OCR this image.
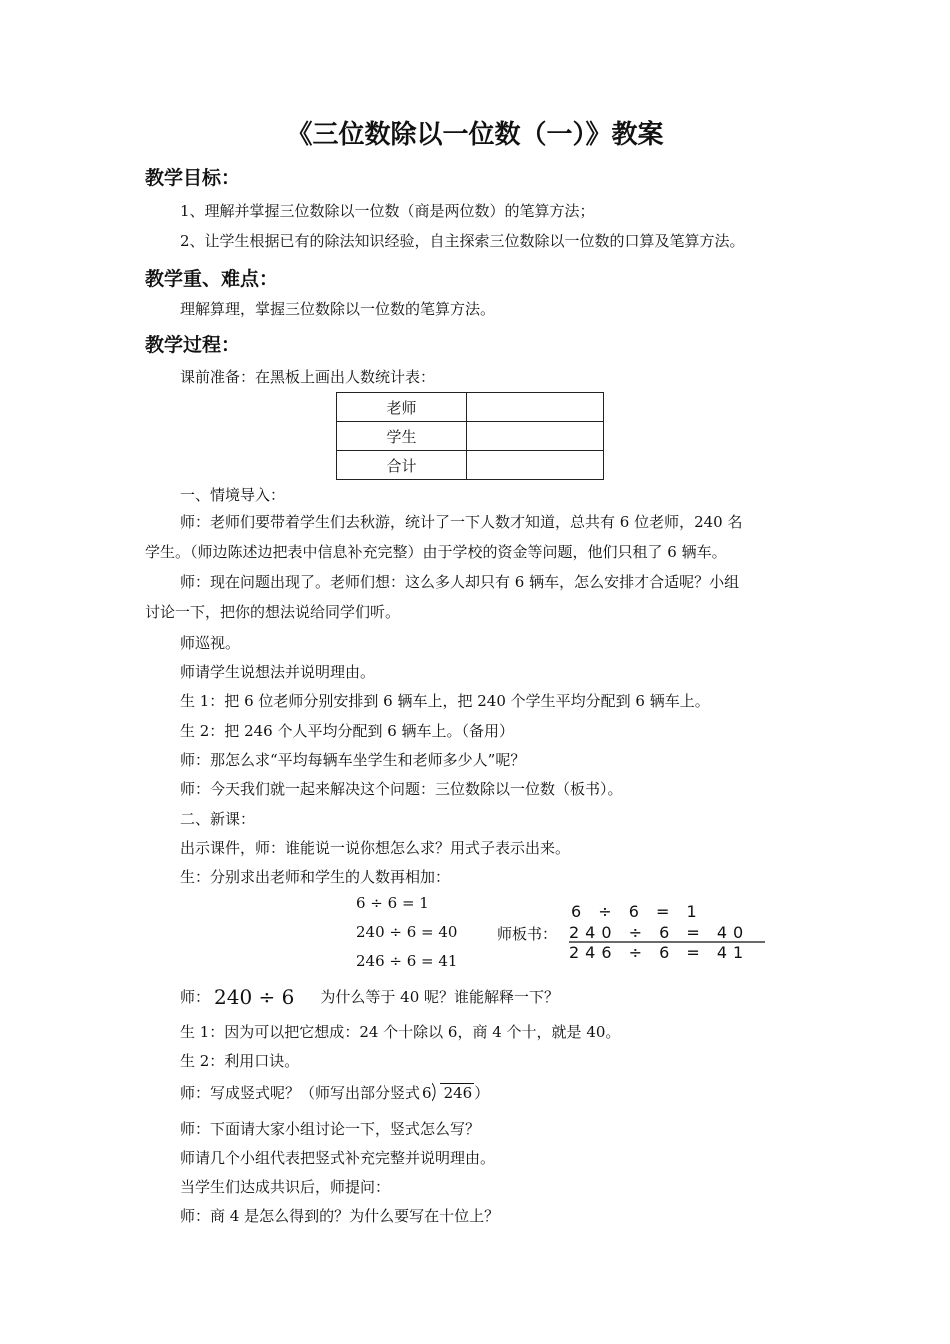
《三位数除以一位数（一）》教案
教学目标：
1、理解并掌握三位数除以一位数（商是两位数）的笔算方法；
2、让学生根据已有的除法知识经验，自主探索三位数除以一位数的口算及笔算方法。
教学重、难点：
理解算理，掌握三位数除以一位数的笔算方法。
教学过程：
课前准备：在黑板上画出人数统计表：
老师	
学生	
合计	
一、情境导入：
师：老师们要带着学生们去秋游，统计了一下人数才知道，总共有 6 位老师，240 名
学生。（师边陈述边把表中信息补充完整）由于学校的资金等问题，他们只租了 6 辆车。
师：现在问题出现了。老师们想：这么多人却只有 6 辆车，怎么安排才合适呢？小组
讨论一下，把你的想法说给同学们听。
师巡视。
师请学生说想法并说明理由。
生 1：把 6 位老师分别安排到 6 辆车上，把 240 个学生平均分配到 6 辆车上。
生 2：把 246 个人平均分配到 6 辆车上。（备用）
师：那怎么求“平均每辆车坐学生和老师多少人”呢？
师：今天我们就一起来解决这个问题：三位数除以一位数（板书）。
二、新课：
出示课件，师：谁能说一说你想怎么求？用式子表示出来。
生：分别求出老师和学生的人数再相加：
6 ÷ 6 = 1
240 ÷ 6 = 40
246 ÷ 6 = 41
师板书：
6 ÷ 6 = 1
240 ÷ 6 = 40
246 ÷ 6 = 41
师： 240 ÷ 6 为什么等于 40 呢？谁能解释一下？
生 1：因为可以把它想成：24 个十除以 6，商 4 个十，就是 40。
生 2：利用口诀。
师：写成竖式呢？（师写出部分竖式 6 246 ）
师：下面请大家小组讨论一下，竖式怎么写？
师请几个小组代表把竖式补充完整并说明理由。
当学生们达成共识后，师提问：
师：商 4 是怎么得到的？为什么要写在十位上？
